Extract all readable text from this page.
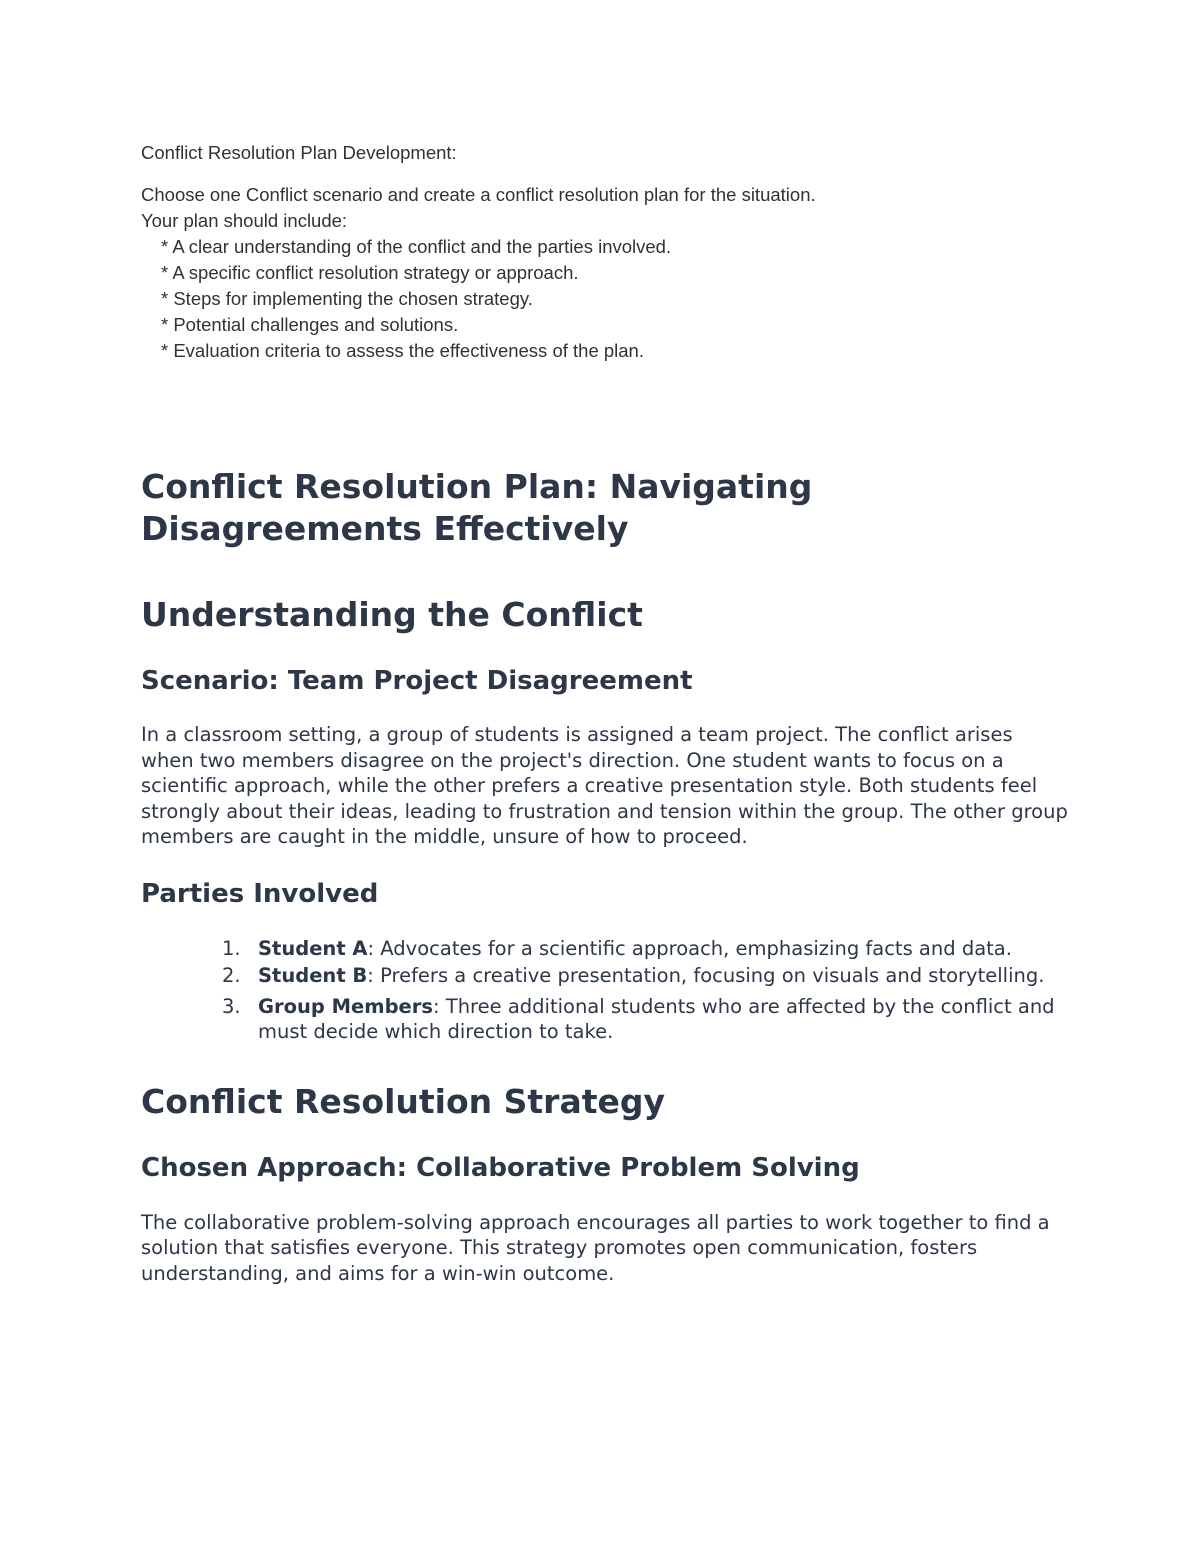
Conflict Resolution Plan Development:

Choose one Conflict scenario and create a conflict resolution plan for the situation.

Your plan should include:

* A clear understanding of the conflict and the parties involved.
* A specific conflict resolution strategy or approach.
* Steps for implementing the chosen strategy.
* Potential challenges and solutions.
* Evaluation criteria to assess the effectiveness of the plan.
Conflict Resolution Plan: Navigating
Disagreements Effectively
Understanding the Conflict
Scenario: Team Project Disagreement

In a classroom setting, a group of students is assigned a team project. The conflict arises when two members disagree on the project's direction. One student wants to focus on a scientific approach, while the other prefers a creative presentation style. Both students feel strongly about their ideas, leading to frustration and tension within the group. The other group members are caught in the middle, unsure of how to proceed.

Parties Involved
1. Student A: Advocates for a scientific approach, emphasizing facts and data.
2. Student B: Prefers a creative presentation, focusing on visuals and storytelling.
3. Group Members: Three additional students who are affected by the conflict and must decide which direction to take.
Conflict Resolution Strategy
Chosen Approach: Collaborative Problem Solving

The collaborative problem-solving approach encourages all parties to work together to find a solution that satisfies everyone. This strategy promotes open communication, fosters understanding, and aims for a win-win outcome.
